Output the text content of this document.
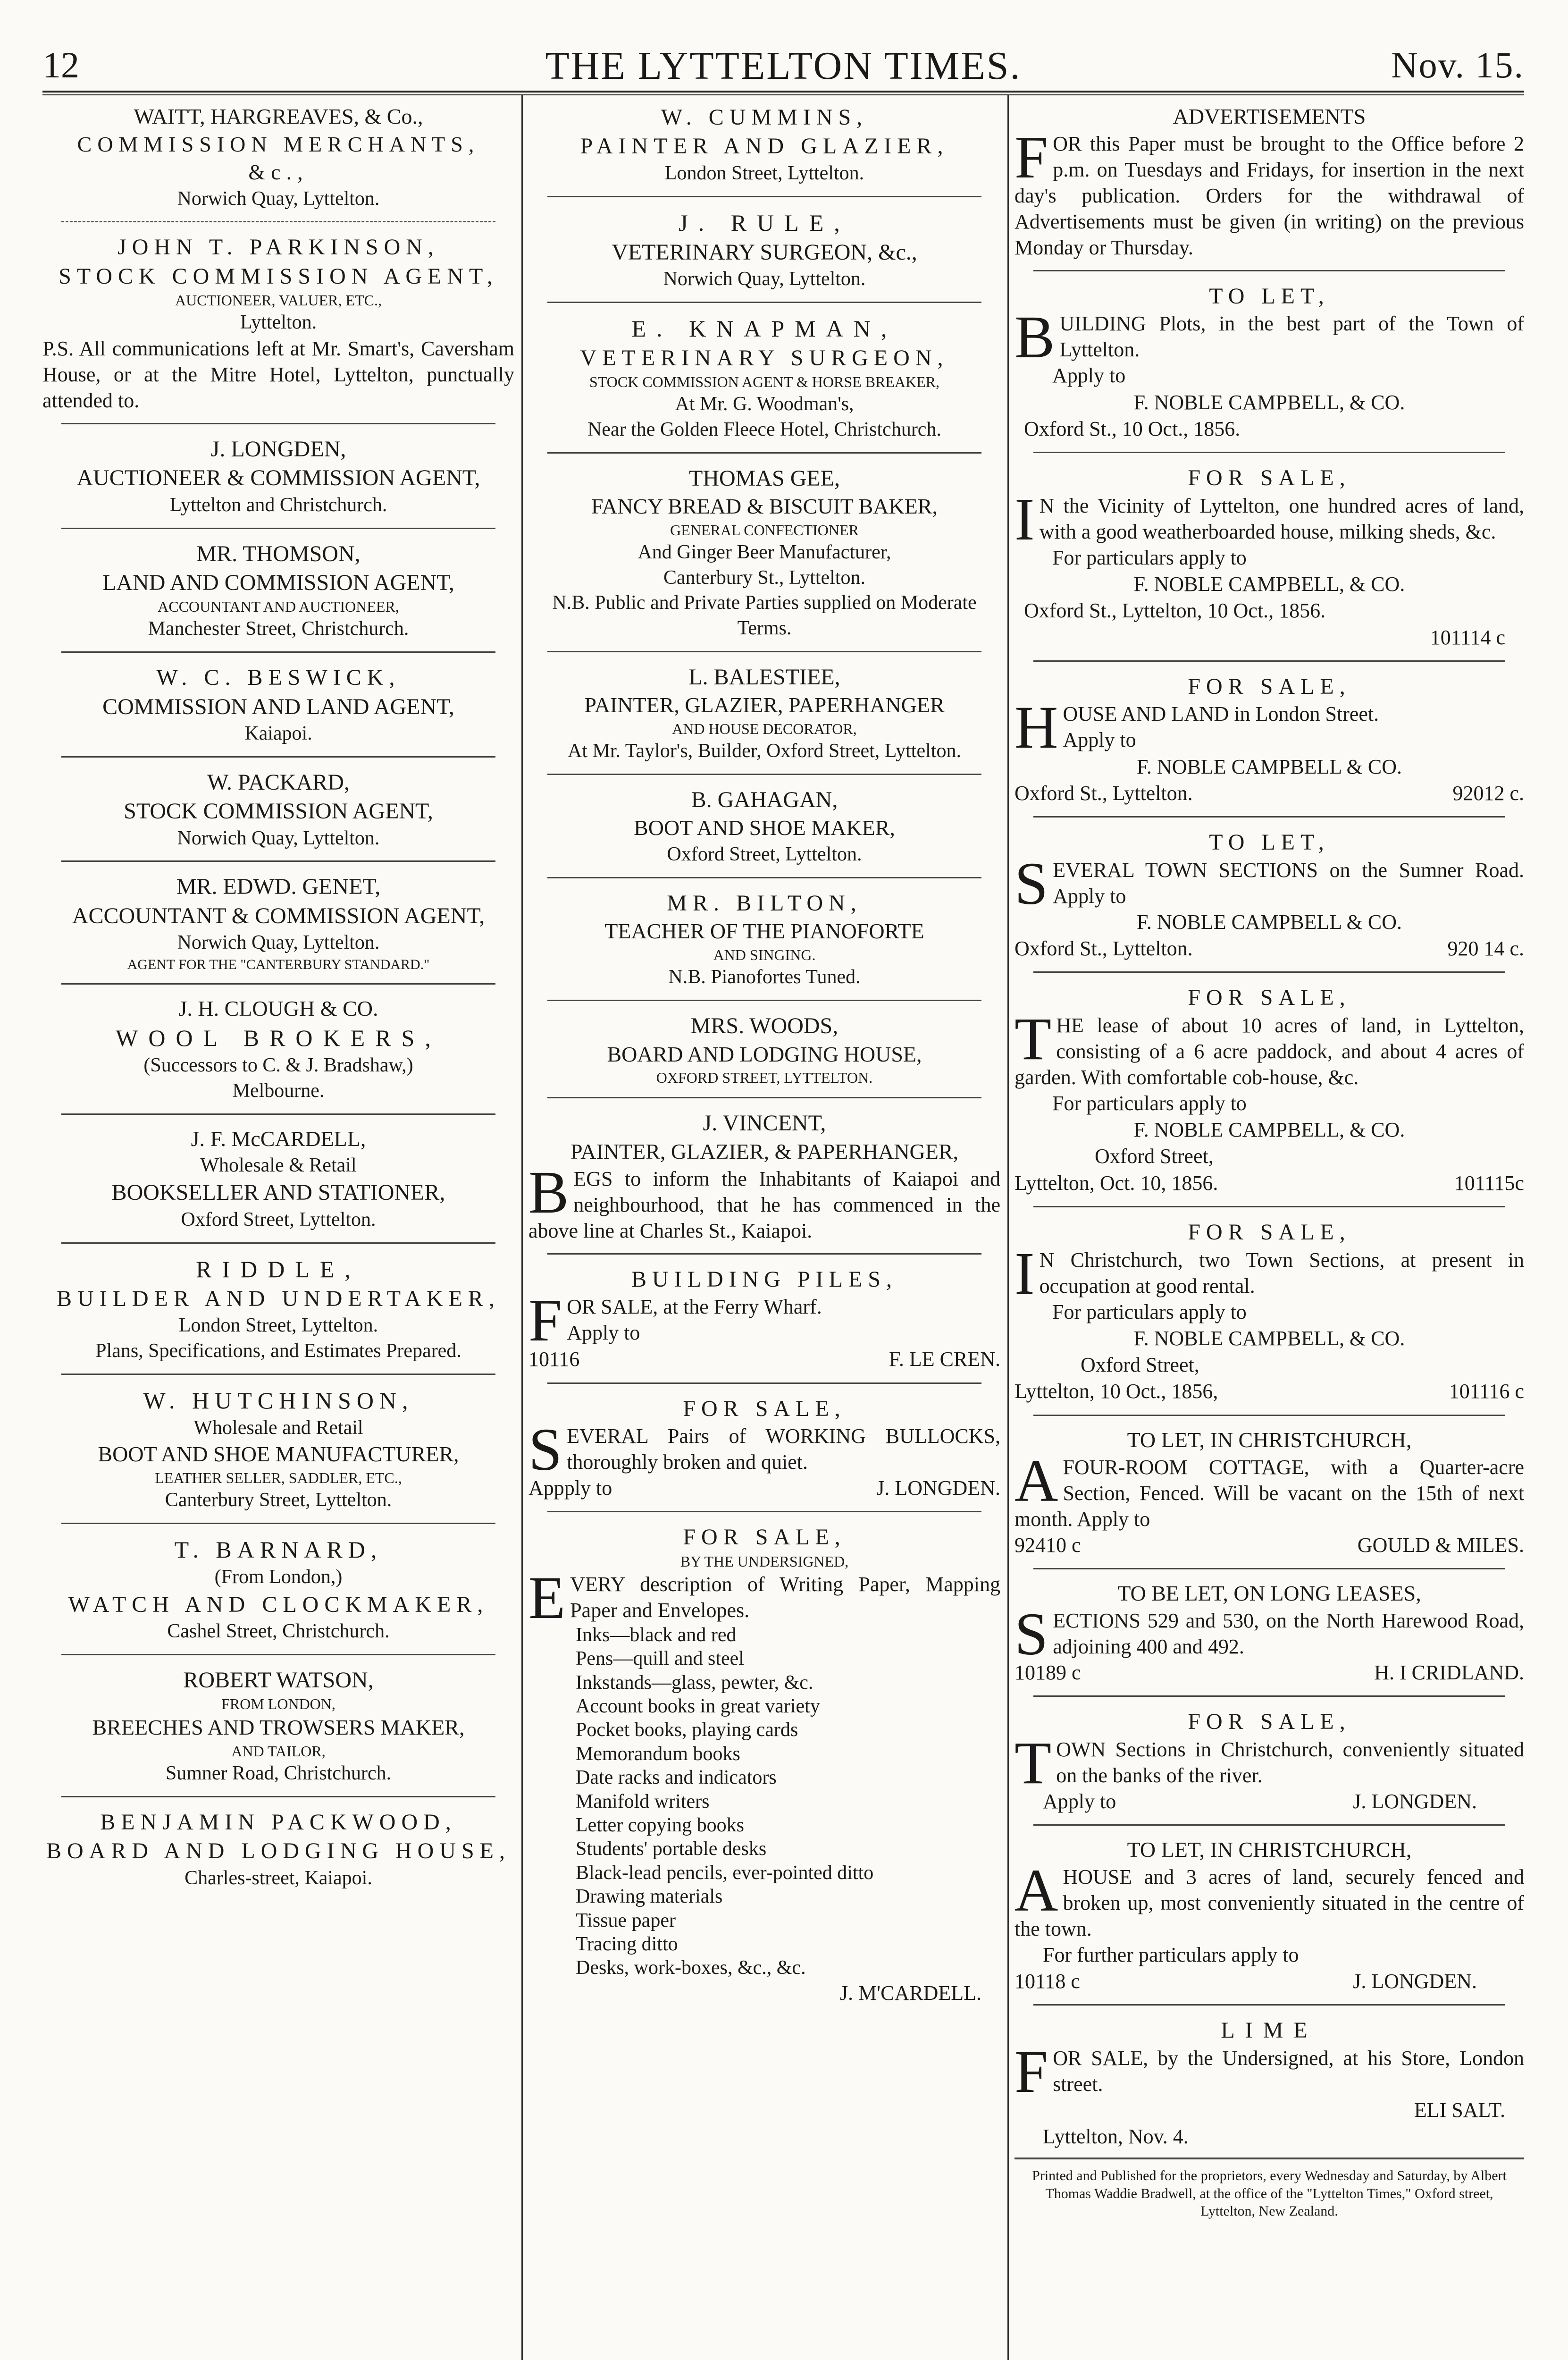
12	THE LYTTELTON TIMES.	Nov. 15.

WAITT, HARGREAVES, & Co.,

COMMISSION MERCHANTS, &c.,

Norwich Quay, Lyttelton.

JOHN T. PARKINSON,

STOCK COMMISSION AGENT,

AUCTIONEER, VALUER, ETC.,

Lyttelton.

P.S. All communications left at Mr. Smart's, Caversham House, or at the Mitre Hotel, Lyttelton, punctually attended to.

J. LONGDEN,

AUCTIONEER & COMMISSION AGENT,

Lyttelton and Christchurch.

MR. THOMSON,

LAND AND COMMISSION AGENT,

ACCOUNTANT AND AUCTIONEER,

Manchester Street, Christchurch.

W. C. BESWICK,

COMMISSION AND LAND AGENT,

Kaiapoi.

W. PACKARD,

STOCK COMMISSION AGENT,

Norwich Quay, Lyttelton.

MR. EDWD. GENET,

ACCOUNTANT & COMMISSION AGENT,

Norwich Quay, Lyttelton.

AGENT FOR THE "CANTERBURY STANDARD."

J. H. CLOUGH & CO.

WOOL BROKERS,

(Successors to C. & J. Bradshaw,)

Melbourne.

J. F. McCARDELL,

Wholesale & Retail

BOOKSELLER AND STATIONER,

Oxford Street, Lyttelton.

RIDDLE,

BUILDER AND UNDERTAKER,

London Street, Lyttelton.

Plans, Specifications, and Estimates Prepared.

W. HUTCHINSON,

Wholesale and Retail

BOOT AND SHOE MANUFACTURER,

LEATHER SELLER, SADDLER, ETC.,

Canterbury Street, Lyttelton.

T. BARNARD,

(From London,)

WATCH AND CLOCKMAKER,

Cashel Street, Christchurch.

ROBERT WATSON,

FROM LONDON,

BREECHES AND TROWSERS MAKER,

AND TAILOR,

Sumner Road, Christchurch.

BENJAMIN PACKWOOD,

BOARD AND LODGING HOUSE,

Charles-street, Kaiapoi.

W. CUMMINS,

PAINTER AND GLAZIER,

London Street, Lyttelton.

J. RULE,

VETERINARY SURGEON, &c.,

Norwich Quay, Lyttelton.

E. KNAPMAN,

VETERINARY SURGEON,

STOCK COMMISSION AGENT & HORSE BREAKER,

At Mr. G. Woodman's,

Near the Golden Fleece Hotel, Christchurch.

THOMAS GEE,

FANCY BREAD & BISCUIT BAKER,

GENERAL CONFECTIONER

And Ginger Beer Manufacturer,

Canterbury St., Lyttelton.

N.B. Public and Private Parties supplied on Moderate Terms.

L. BALESTIEE,

PAINTER, GLAZIER, PAPERHANGER

AND HOUSE DECORATOR,

At Mr. Taylor's, Builder, Oxford Street, Lyttelton.

B. GAHAGAN,

BOOT AND SHOE MAKER,

Oxford Street, Lyttelton.

MR. BILTON,

TEACHER OF THE PIANOFORTE

AND SINGING.

N.B. Pianofortes Tuned.

MRS. WOODS,

BOARD AND LODGING HOUSE,

OXFORD STREET, LYTTELTON.

J. VINCENT,

PAINTER, GLAZIER, & PAPERHANGER,

BEGS to inform the Inhabitants of Kaiapoi and neighbourhood, that he has commenced in the above line at Charles St., Kaiapoi.

BUILDING PILES,

FOR SALE, at the Ferry Wharf.

Apply to

10116	F. LE CREN.

FOR SALE,

SEVERAL Pairs of WORKING BULLOCKS, thoroughly broken and quiet.
Appply to	J. LONGDEN.

FOR SALE,

BY THE UNDERSIGNED,

EVERY description of Writing Paper, Mapping Paper and Envelopes.
Inks—black and red
Pens—quill and steel
Inkstands—glass, pewter, &c.
Account books in great variety
Pocket books, playing cards
Memorandum books
Date racks and indicators
Manifold writers
Letter copying books
Students' portable desks
Black-lead pencils, ever-pointed ditto
Drawing materials
Tissue paper
Tracing ditto
Desks, work-boxes, &c., &c.

J. M'CARDELL.

ADVERTISEMENTS

FOR this Paper must be brought to the Office before 2 p.m. on Tuesdays and Fridays, for insertion in the next day's publication. Orders for the withdrawal of Advertisements must be given (in writing) on the previous Monday or Thursday.

TO LET,

BUILDING Plots, in the best part of the Town of Lyttelton.

Apply to

F. NOBLE CAMPBELL, & CO.

Oxford St., 10 Oct., 1856.

FOR SALE,

I N the Vicinity of Lyttelton, one hundred acres of land, with a good weatherboarded house, milking sheds, &c.

For particulars apply to

F. NOBLE CAMPBELL, & CO.

Oxford St., Lyttelton, 10 Oct., 1856.

101114 c

FOR SALE,

HOUSE AND LAND in London Street.

Apply to

F. NOBLE CAMPBELL & CO.

Oxford St., Lyttelton.	92012 c.

TO LET,

SEVERAL TOWN SECTIONS on the Sumner Road. Apply to

F. NOBLE CAMPBELL & CO.

Oxford St., Lyttelton.	920 14 c.

FOR SALE,

THE lease of about 10 acres of land, in Lyttelton, consisting of a 6 acre paddock, and about 4 acres of garden. With comfortable cob-house, &c.

For particulars apply to

F. NOBLE CAMPBELL, & CO.

Oxford Street,

Lyttelton, Oct. 10, 1856.	101115c

FOR SALE,

I N Christchurch, two Town Sections, at present in occupation at good rental.

For particulars apply to

F. NOBLE CAMPBELL, & CO.

Oxford Street,

Lyttelton, 10 Oct., 1856,	101116 c

TO LET, IN CHRISTCHURCH,

AFOUR-ROOM COTTAGE, with a Quarter-acre Section, Fenced. Will be vacant on the 15th of next month. Apply to
92410 c	GOULD & MILES.

TO BE LET, ON LONG LEASES,

SECTIONS 529 and 530, on the North Harewood Road, adjoining 400 and 492.
10189 c	H. I CRIDLAND.

FOR SALE,

TOWN Sections in Christchurch, conveniently situated on the banks of the river.
Apply to	J. LONGDEN.

TO LET, IN CHRISTCHURCH,

AHOUSE and 3 acres of land, securely fenced and broken up, most conveniently situated in the centre of the town.

For further particulars apply to

10118 c	J. LONGDEN.

LIME

FOR SALE, by the Undersigned, at his Store, London street.

ELI SALT.

Lyttelton, Nov. 4.

Printed and Published for the proprietors, every Wednesday and Saturday, by Albert Thomas Waddie Bradwell, at the office of the "Lyttelton Times," Oxford street, Lyttelton, New Zealand.
